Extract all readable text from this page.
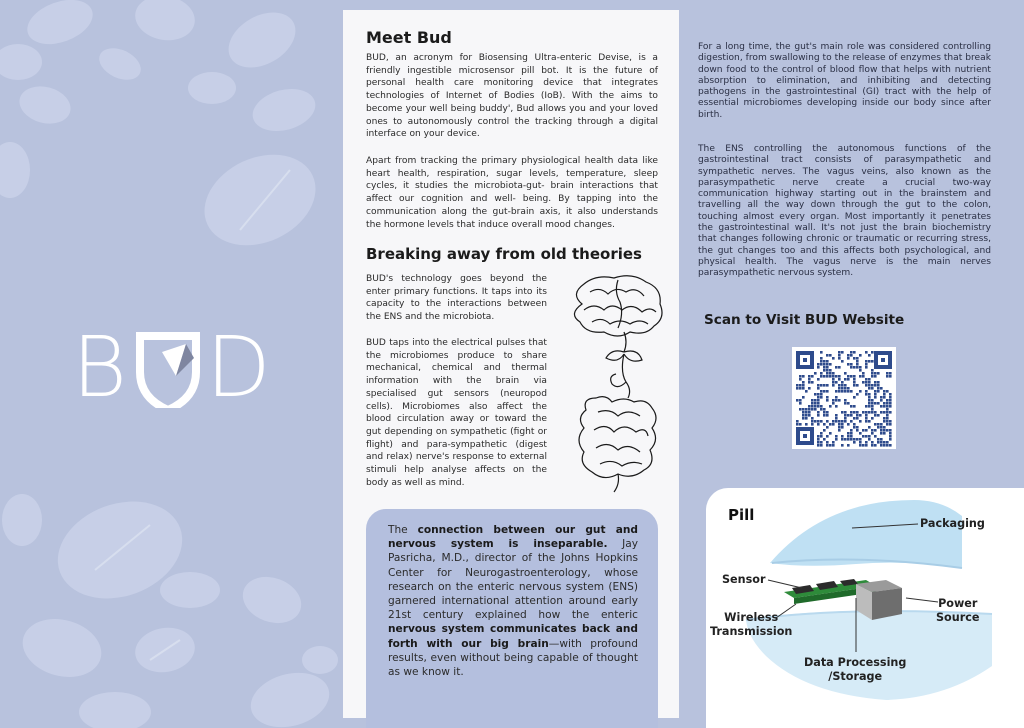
B D
Meet Bud

BUD, an acronym for Biosensing Ultra-enteric Devise, is a friendly ingestible microsensor pill bot. It is the future of personal health care monitoring device that integrates technologies of Internet of Bodies (IoB). With the aims to become your well being buddy', Bud allows you and your loved ones to autonomously control the tracking through a digital interface on your device.

Apart from tracking the primary physiological health data like heart health, respiration, sugar levels, temperature, sleep cycles, it studies the microbiota-gut- brain interactions that affect our cognition and well- being. By tapping into the communication along the gut-brain axis, it also understands the hormone levels that induce overall mood changes.

Breaking away from old theories

BUD's technology goes beyond the enter primary functions. It taps into its capacity to the interactions between the ENS and the microbiota.

BUD taps into the electrical pulses that the microbiomes produce to share mechanical, chemical and thermal information with the brain via specialised gut sensors (neuropod cells). Microbiomes also affect the blood circulation away or toward the gut depending on sympathetic (fight or flight) and para-sympathetic (digest and relax) nerve's response to external stimuli help analyse affects on the body as well as mind.

The connection between our gut and nervous system is inseparable. Jay Pasricha, M.D., director of the Johns Hopkins Center for Neurogastroenterology, whose research on the enteric nervous system (ENS) garnered international attention around early 21st century explained how the enteric nervous system communicates back and forth with our big brain—with profound results, even without being capable of thought as we know it.

For a long time, the gut's main role was considered controlling digestion, from swallowing to the release of enzymes that break down food to the control of blood flow that helps with nutrient absorption to elimination, and inhibiting and detecting pathogens in the gastrointestinal (GI) tract with the help of essential microbiomes developing inside our body since after birth.

The ENS controlling the autonomous functions of the gastrointestinal tract consists of parasympathetic and sympathetic nerves. The vagus veins, also known as the parasympathetic nerve create a crucial two-way communication highway starting out in the brainstem and travelling all the way down through the gut to the colon, touching almost every organ. Most importantly it penetrates the gastrointestinal wall. It's not just the brain biochemistry that changes following chronic or traumatic or recurring stress, the gut changes too and this affects both psychological, and physical health. The vagus nerve is the main nerves parasympathetic nervous system.

Scan to Visit BUD Website

Pill	Packaging

Sensor

Wireless
Transmission

Power
Source

Data Processing
/Storage
